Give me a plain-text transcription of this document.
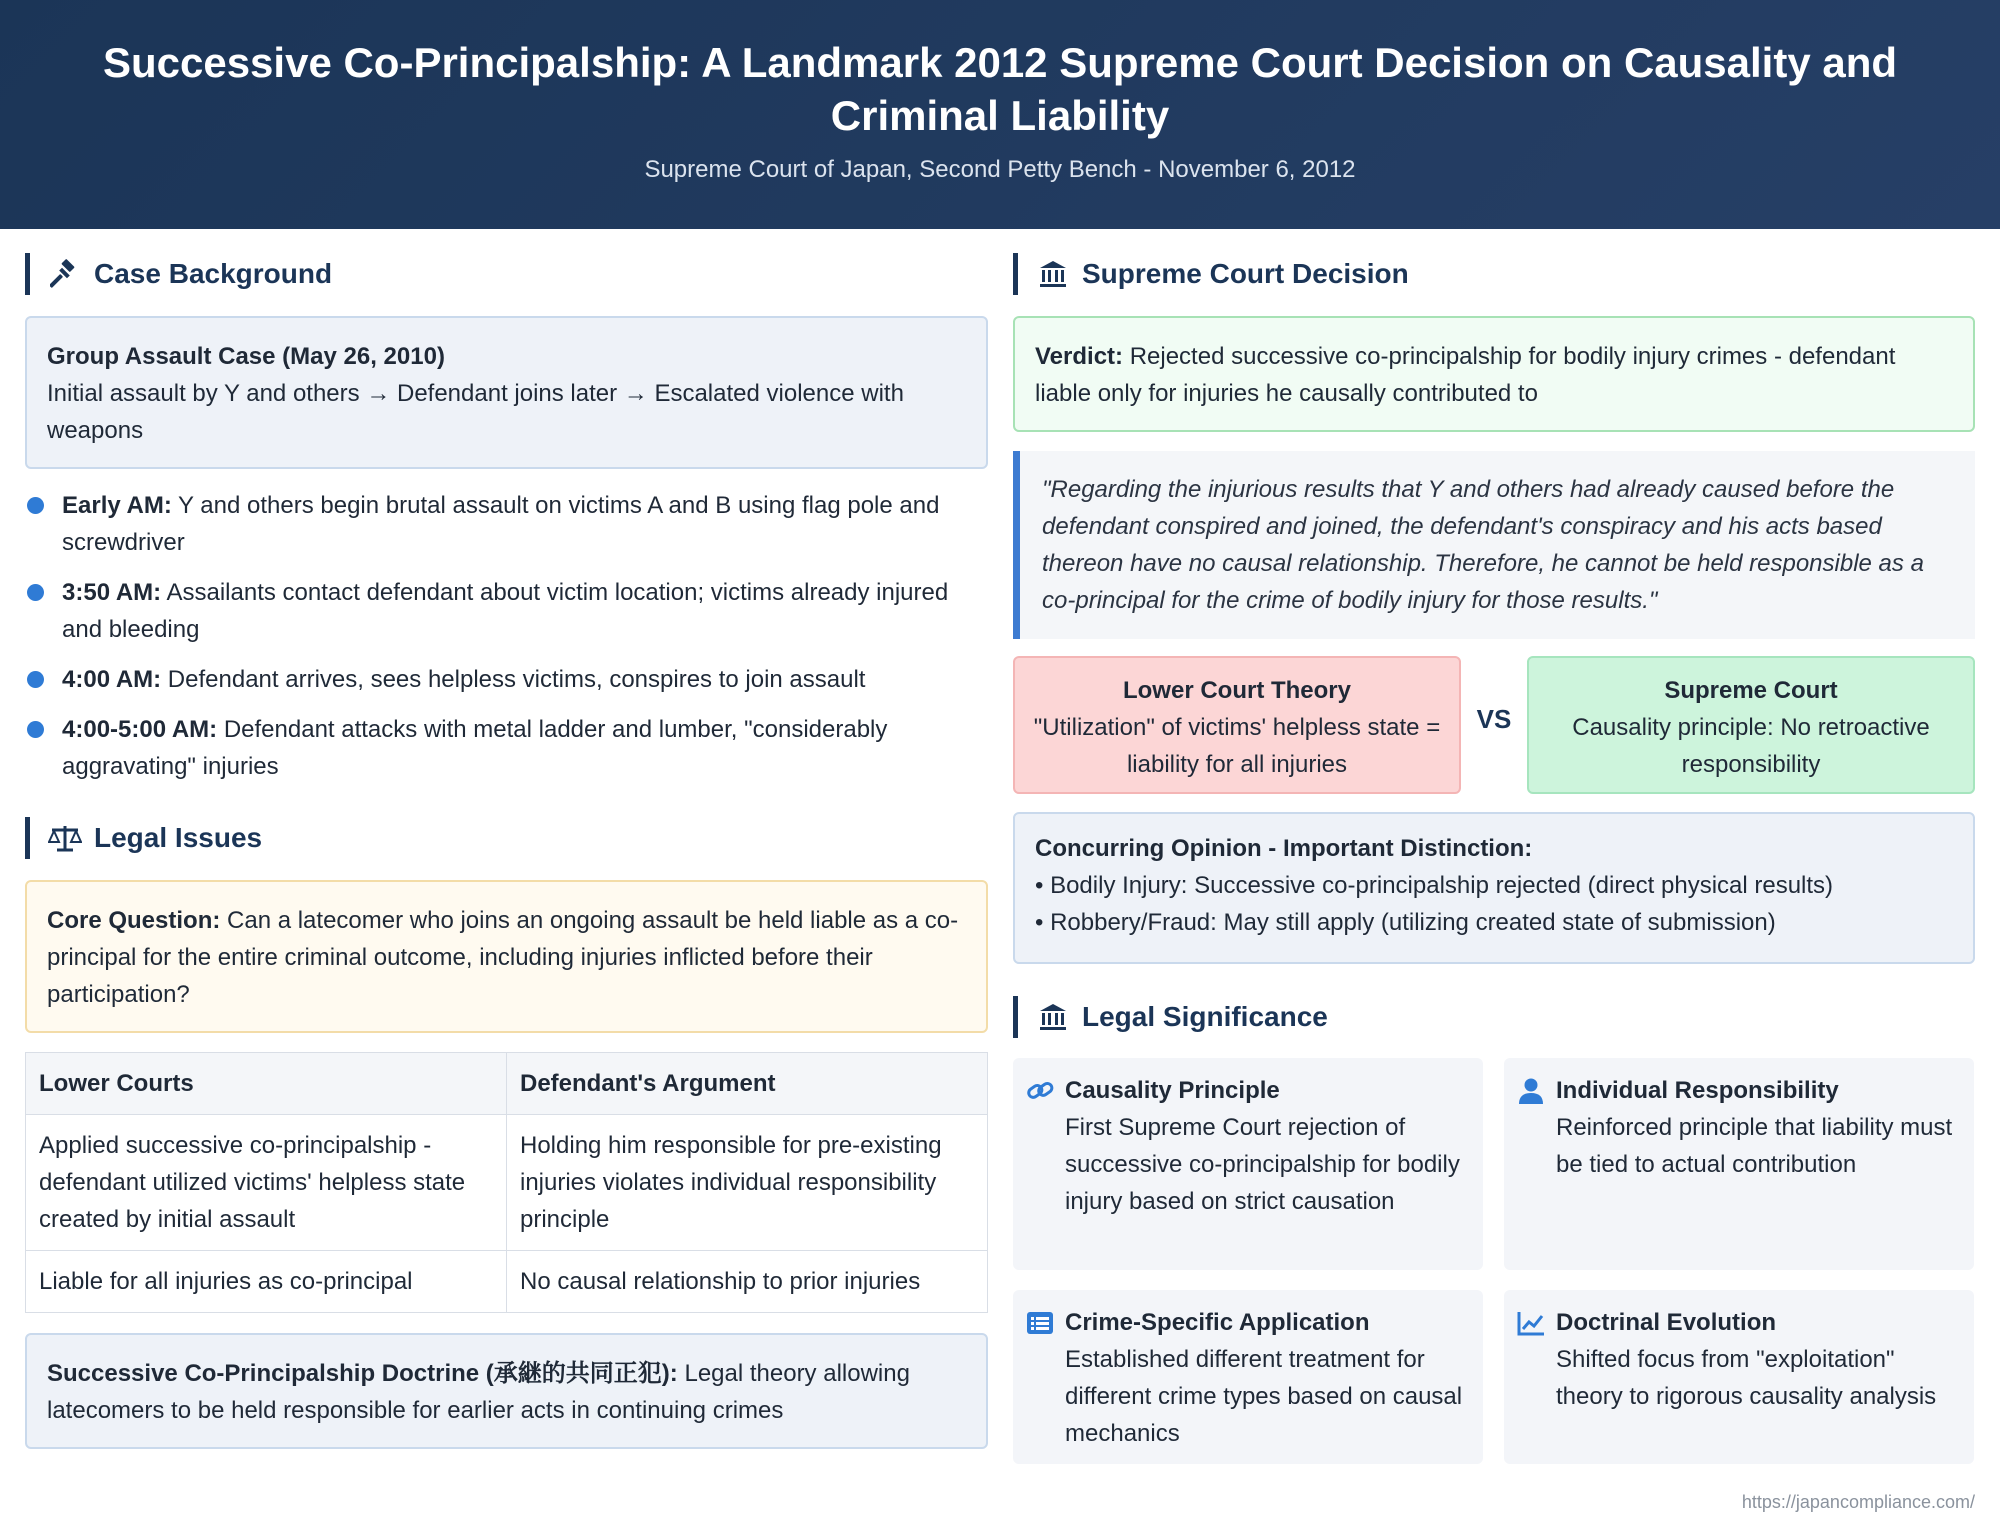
Successive Co-Principalship: A Landmark 2012 Supreme Court Decision on Causality and Criminal Liability
Supreme Court of Japan, Second Petty Bench - November 6, 2012
Case Background
Group Assault Case (May 26, 2010)
Initial assault by Y and others → Defendant joins later → Escalated violence with weapons
Early AM: Y and others begin brutal assault on victims A and B using flag pole and screwdriver
3:50 AM: Assailants contact defendant about victim location; victims already injured and bleeding
4:00 AM: Defendant arrives, sees helpless victims, conspires to join assault
4:00-5:00 AM: Defendant attacks with metal ladder and lumber, "considerably aggravating" injuries
Legal Issues
Core Question: Can a latecomer who joins an ongoing assault be held liable as a co-principal for the entire criminal outcome, including injuries inflicted before their participation?
Lower Courts	Defendant's Argument
Applied successive co-principalship - defendant utilized victims' helpless state created by initial assault	Holding him responsible for pre-existing injuries violates individual responsibility principle
Liable for all injuries as co-principal	No causal relationship to prior injuries
Successive Co-Principalship Doctrine (承継的共同正犯): Legal theory allowing latecomers to be held responsible for earlier acts in continuing crimes
Supreme Court Decision
Verdict: Rejected successive co-principalship for bodily injury crimes - defendant liable only for injuries he causally contributed to
"Regarding the injurious results that Y and others had already caused before the defendant conspired and joined, the defendant's conspiracy and his acts based thereon have no causal relationship. Therefore, he cannot be held responsible as a co-principal for the crime of bodily injury for those results."
Lower Court Theory
"Utilization" of victims' helpless state = liability for all injuries
VS
Supreme Court
Causality principle: No retroactive responsibility
Concurring Opinion - Important Distinction:
• Bodily Injury: Successive co-principalship rejected (direct physical results)
• Robbery/Fraud: May still apply (utilizing created state of submission)
Legal Significance
Causality Principle
First Supreme Court rejection of successive co-principalship for bodily injury based on strict causation
Individual Responsibility
Reinforced principle that liability must be tied to actual contribution
Crime-Specific Application
Established different treatment for different crime types based on causal mechanics
Doctrinal Evolution
Shifted focus from "exploitation" theory to rigorous causality analysis
https://japancompliance.com/
